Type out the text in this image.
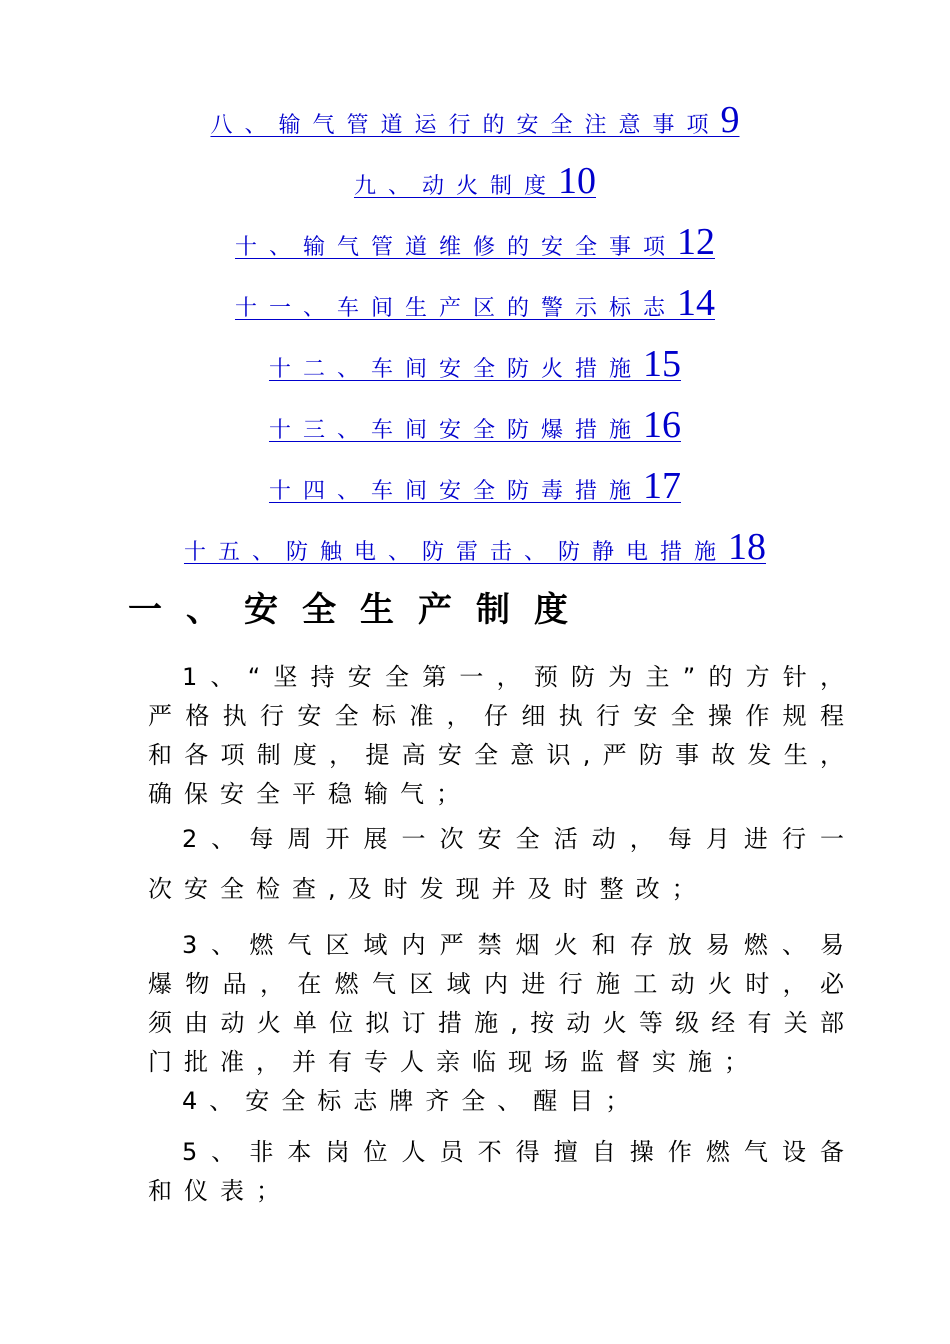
八、输气管道运行的安全注意事项9
九、动火制度10
十、输气管道维修的安全事项12
十一、车间生产区的警示标志14
十二、车间安全防火措施15
十三、车间安全防爆措施16
十四、车间安全防毒措施17
十五、防触电、防雷击、防静电措施18
一、安全生产制度

1、“坚持安全第一，预防为主”的方针，严格执行安全标准，仔细执行安全操作规程和各项制度，提高安全意识,严防事故发生，确保安全平稳输气；

2、每周开展一次安全活动，每月进行一次安全检查,及时发现并及时整改；

3、燃气区域内严禁烟火和存放易燃、易爆物品，在燃气区域内进行施工动火时，必须由动火单位拟订措施,按动火等级经有关部门批准，并有专人亲临现场监督实施；

4、安全标志牌齐全、醒目；

5、非本岗位人员不得擅自操作燃气设备和仪表；
